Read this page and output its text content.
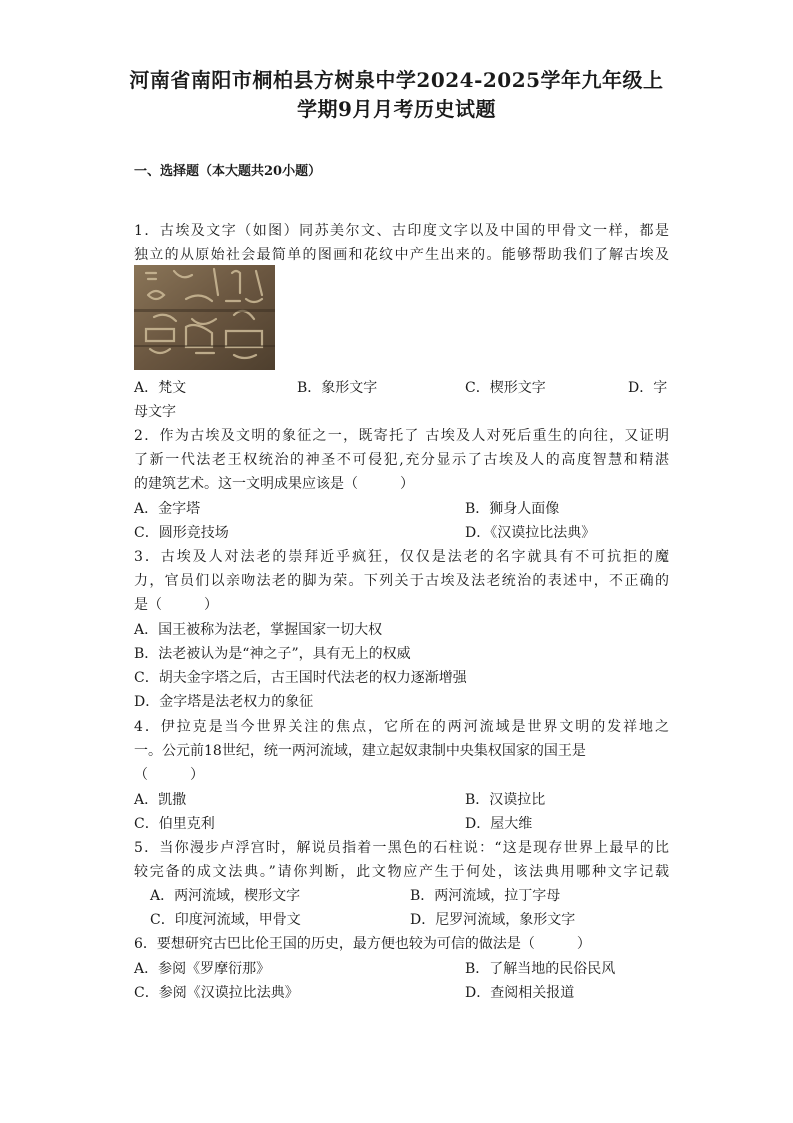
河南省南阳市桐柏县方树泉中学2024-2025学年九年级上
学期9月月考历史试题
一、选择题（本大题共20小题）
1．古埃及文字（如图）同苏美尔文、古印度文字以及中国的甲骨文一样，都是
独立的从原始社会最简单的图画和花纹中产生出来的。能够帮助我们了解古埃及
A．梵文	B．象形文字	C．楔形文字	D．字
母文字
2．作为古埃及文明的象征之一，既寄托了 古埃及人对死后重生的向往，又证明
了新一代法老王权统治的神圣不可侵犯,充分显示了古埃及人的高度智慧和精湛
的建筑艺术。这一文明成果应该是（　　　）
A．金字塔	B．狮身人面像
C．圆形竞技场	D．《汉谟拉比法典》
3．古埃及人对法老的崇拜近乎疯狂，仅仅是法老的名字就具有不可抗拒的魔
力，官员们以亲吻法老的脚为荣。下列关于古埃及法老统治的表述中，不正确的
是（　　　）
A．国王被称为法老，掌握国家一切大权
B．法老被认为是“神之子”，具有无上的权威
C．胡夫金字塔之后，古王国时代法老的权力逐渐增强
D．金字塔是法老权力的象征
4．伊拉克是当今世界关注的焦点，它所在的两河流域是世界文明的发祥地之
一。公元前18世纪，统一两河流域，建立起奴隶制中央集权国家的国王是
（　　　）
A．凯撒	B．汉谟拉比
C．伯里克利	D．屋大维
5．当你漫步卢浮宫时，解说员指着一黑色的石柱说：“这是现存世界上最早的比
较完备的成文法典。”请你判断，此文物应产生于何处，该法典用哪种文字记载
A．两河流域，楔形文字	B．两河流域，拉丁字母
C．印度河流域，甲骨文	D．尼罗河流域，象形文字
6．要想研究古巴比伦王国的历史，最方便也较为可信的做法是（　　　）
A．参阅《罗摩衍那》	B．了解当地的民俗民风
C．参阅《汉谟拉比法典》	D．查阅相关报道
